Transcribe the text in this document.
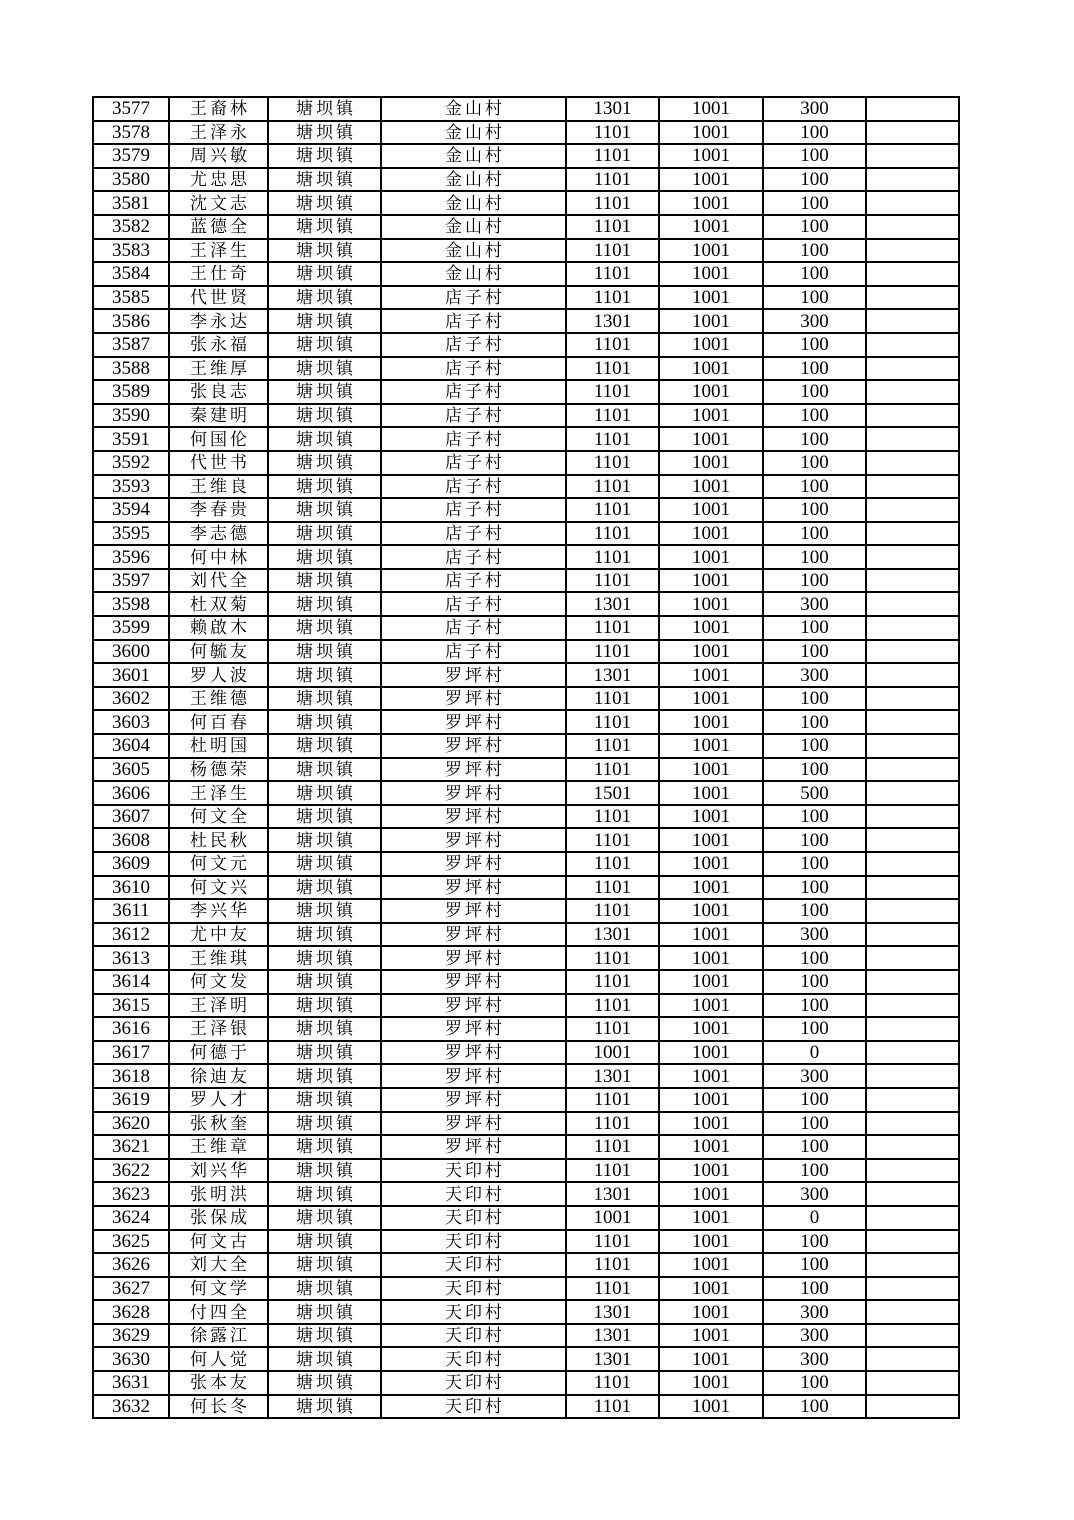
3577	王裔林	塘坝镇	金山村	1301	1001	300	
3578	王泽永	塘坝镇	金山村	1101	1001	100	
3579	周兴敏	塘坝镇	金山村	1101	1001	100	
3580	尤忠思	塘坝镇	金山村	1101	1001	100	
3581	沈文志	塘坝镇	金山村	1101	1001	100	
3582	蓝德全	塘坝镇	金山村	1101	1001	100	
3583	王泽生	塘坝镇	金山村	1101	1001	100	
3584	王仕奇	塘坝镇	金山村	1101	1001	100	
3585	代世贤	塘坝镇	店子村	1101	1001	100	
3586	李永达	塘坝镇	店子村	1301	1001	300	
3587	张永福	塘坝镇	店子村	1101	1001	100	
3588	王维厚	塘坝镇	店子村	1101	1001	100	
3589	张良志	塘坝镇	店子村	1101	1001	100	
3590	秦建明	塘坝镇	店子村	1101	1001	100	
3591	何国伦	塘坝镇	店子村	1101	1001	100	
3592	代世书	塘坝镇	店子村	1101	1001	100	
3593	王维良	塘坝镇	店子村	1101	1001	100	
3594	李春贵	塘坝镇	店子村	1101	1001	100	
3595	李志德	塘坝镇	店子村	1101	1001	100	
3596	何中林	塘坝镇	店子村	1101	1001	100	
3597	刘代全	塘坝镇	店子村	1101	1001	100	
3598	杜双菊	塘坝镇	店子村	1301	1001	300	
3599	赖啟木	塘坝镇	店子村	1101	1001	100	
3600	何毓友	塘坝镇	店子村	1101	1001	100	
3601	罗人波	塘坝镇	罗坪村	1301	1001	300	
3602	王维德	塘坝镇	罗坪村	1101	1001	100	
3603	何百春	塘坝镇	罗坪村	1101	1001	100	
3604	杜明国	塘坝镇	罗坪村	1101	1001	100	
3605	杨德荣	塘坝镇	罗坪村	1101	1001	100	
3606	王泽生	塘坝镇	罗坪村	1501	1001	500	
3607	何文全	塘坝镇	罗坪村	1101	1001	100	
3608	杜民秋	塘坝镇	罗坪村	1101	1001	100	
3609	何文元	塘坝镇	罗坪村	1101	1001	100	
3610	何文兴	塘坝镇	罗坪村	1101	1001	100	
3611	李兴华	塘坝镇	罗坪村	1101	1001	100	
3612	尤中友	塘坝镇	罗坪村	1301	1001	300	
3613	王维琪	塘坝镇	罗坪村	1101	1001	100	
3614	何文发	塘坝镇	罗坪村	1101	1001	100	
3615	王泽明	塘坝镇	罗坪村	1101	1001	100	
3616	王泽银	塘坝镇	罗坪村	1101	1001	100	
3617	何德于	塘坝镇	罗坪村	1001	1001	0	
3618	徐迪友	塘坝镇	罗坪村	1301	1001	300	
3619	罗人才	塘坝镇	罗坪村	1101	1001	100	
3620	张秋奎	塘坝镇	罗坪村	1101	1001	100	
3621	王维章	塘坝镇	罗坪村	1101	1001	100	
3622	刘兴华	塘坝镇	天印村	1101	1001	100	
3623	张明洪	塘坝镇	天印村	1301	1001	300	
3624	张保成	塘坝镇	天印村	1001	1001	0	
3625	何文古	塘坝镇	天印村	1101	1001	100	
3626	刘大全	塘坝镇	天印村	1101	1001	100	
3627	何文学	塘坝镇	天印村	1101	1001	100	
3628	付四全	塘坝镇	天印村	1301	1001	300	
3629	徐露江	塘坝镇	天印村	1301	1001	300	
3630	何人觉	塘坝镇	天印村	1301	1001	300	
3631	张本友	塘坝镇	天印村	1101	1001	100	
3632	何长冬	塘坝镇	天印村	1101	1001	100	
